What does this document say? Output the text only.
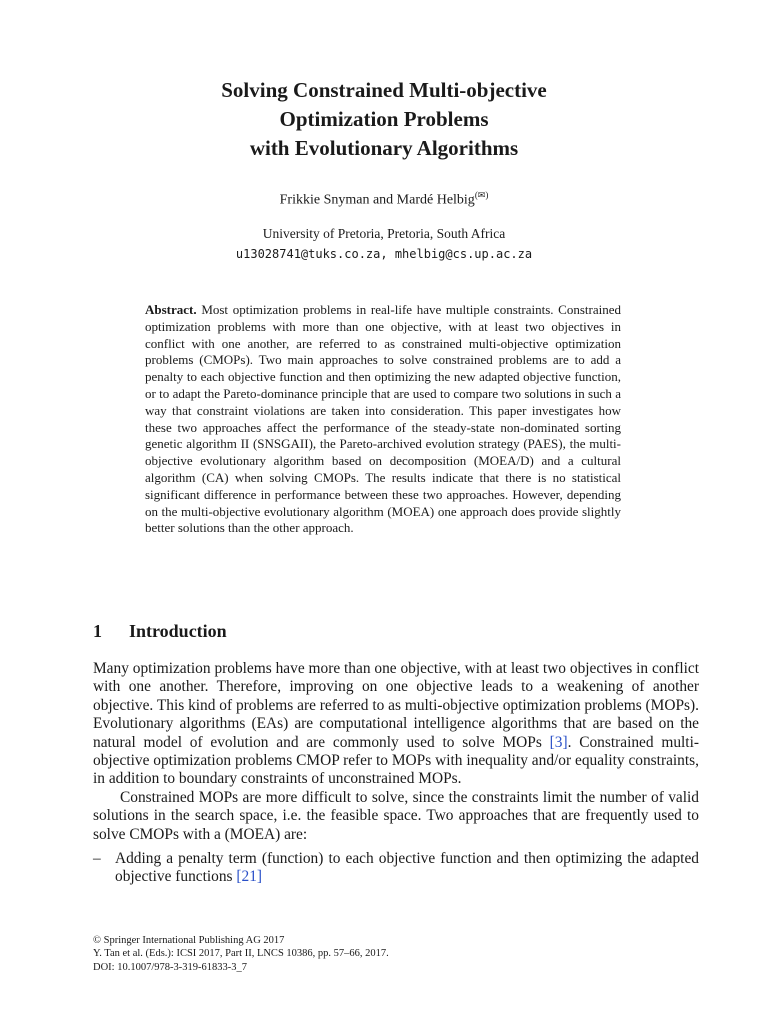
Solving Constrained Multi-objective
Optimization Problems
with Evolutionary Algorithms
Frikkie Snyman and Mardé Helbig(✉)
University of Pretoria, Pretoria, South Africa
u13028741@tuks.co.za, mhelbig@cs.up.ac.za
Abstract. Most optimization problems in real-life have multiple constraints. Constrained optimization problems with more than one objective, with at least two objectives in conflict with one another, are referred to as constrained multi-objective optimization problems (CMOPs). Two main approaches to solve constrained problems are to add a penalty to each objective function and then optimizing the new adapted objective function, or to adapt the Pareto-dominance principle that are used to compare two solutions in such a way that constraint violations are taken into consideration. This paper investigates how these two approaches affect the performance of the steady-state non-dominated sorting genetic algorithm II (SNSGAII), the Pareto-archived evolution strategy (PAES), the multi-objective evolutionary algorithm based on decomposition (MOEA/D) and a cultural algorithm (CA) when solving CMOPs. The results indicate that there is no statistical significant difference in performance between these two approaches. However, depending on the multi-objective evolutionary algorithm (MOEA) one approach does provide slightly better solutions than the other approach.
1 Introduction

Many optimization problems have more than one objective, with at least two objectives in conflict with one another. Therefore, improving on one objective leads to a weakening of another objective. This kind of problems are referred to as multi-objective optimization problems (MOPs). Evolutionary algorithms (EAs) are computational intelligence algorithms that are based on the natural model of evolution and are commonly used to solve MOPs [3]. Constrained multi-objective optimization problems CMOP refer to MOPs with inequality and/or equality constraints, in addition to boundary constraints of unconstrained MOPs.

Constrained MOPs are more difficult to solve, since the constraints limit the number of valid solutions in the search space, i.e. the feasible space. Two approaches that are frequently used to solve CMOPs with a (MOEA) are:

– Adding a penalty term (function) to each objective function and then optimizing the adapted objective functions [21]
© Springer International Publishing AG 2017
Y. Tan et al. (Eds.): ICSI 2017, Part II, LNCS 10386, pp. 57–66, 2017.
DOI: 10.1007/978-3-319-61833-3_7
